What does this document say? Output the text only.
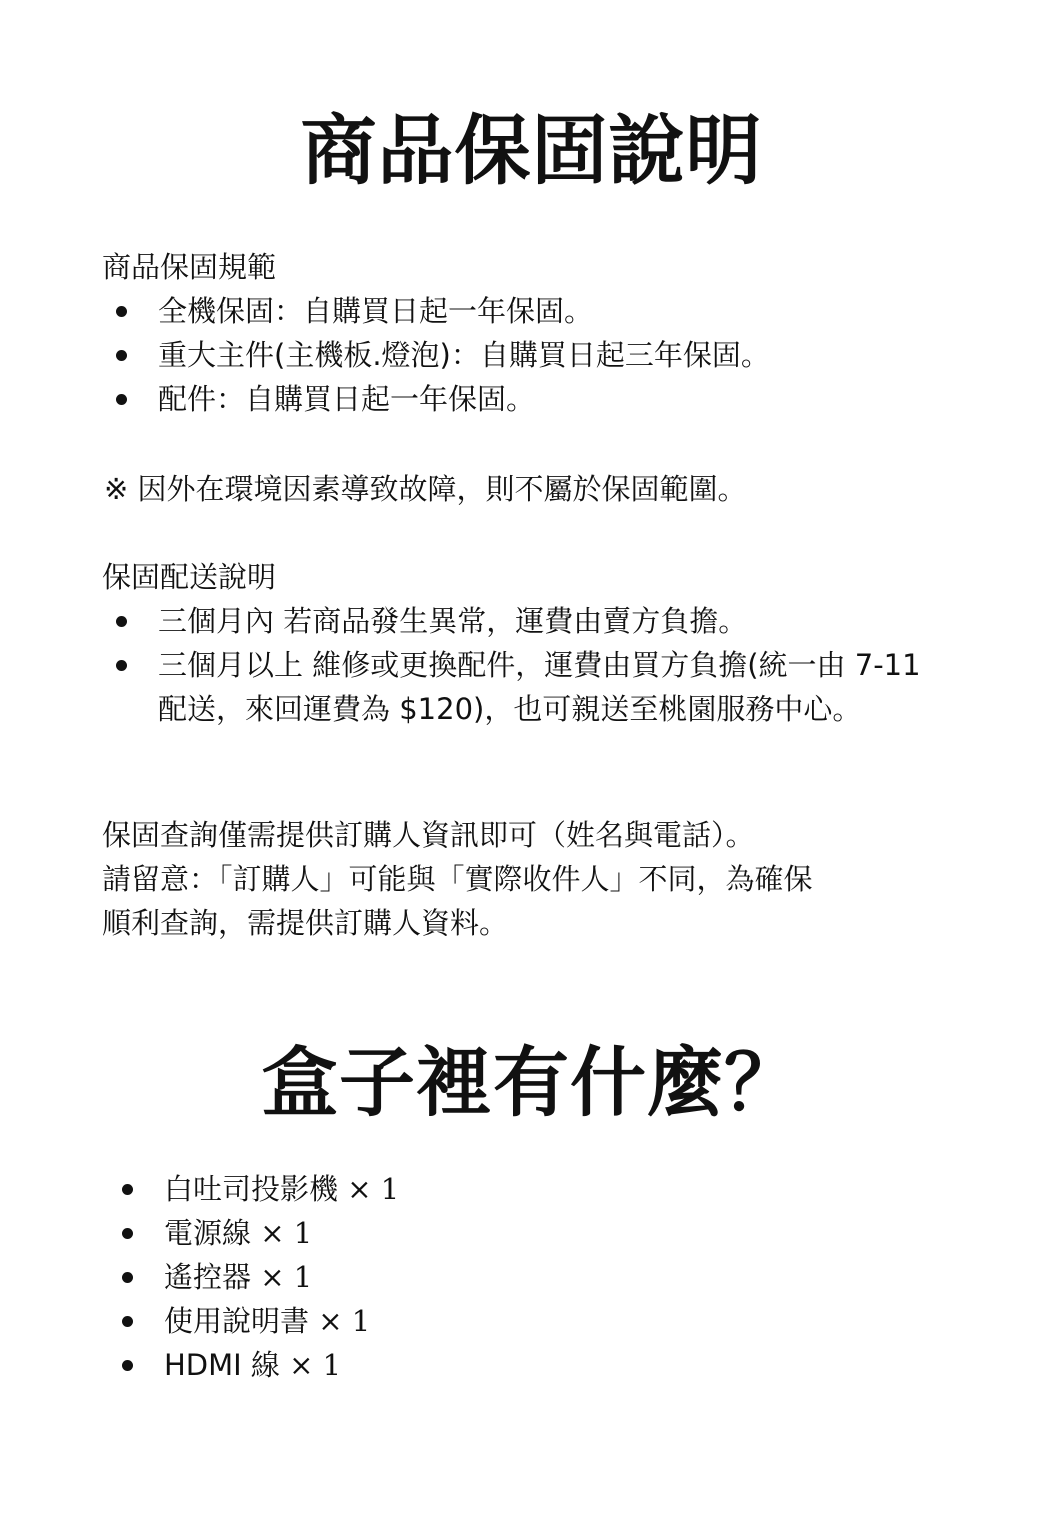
商品保固說明

商品保固規範

全機保固：自購買日起一年保固。
重大主件(主機板.燈泡)：自購買日起三年保固。
配件：自購買日起一年保固。

※ 因外在環境因素導致故障，則不屬於保固範圍。

保固配送說明

三個月內 若商品發生異常，運費由賣方負擔。
三個月以上 維修或更換配件，運費由買方負擔(統一由 7-11 配送，來回運費為 $120)，也可親送至桃園服務中心。

保固查詢僅需提供訂購人資訊即可（姓名與電話）。

請留意：「訂購人」可能與「實際收件人」不同，為確保

順利查詢，需提供訂購人資料。

盒子裡有什麼？
白吐司投影機 × 1
電源線 × 1
遙控器 × 1
使用說明書 × 1
HDMI 線 × 1
